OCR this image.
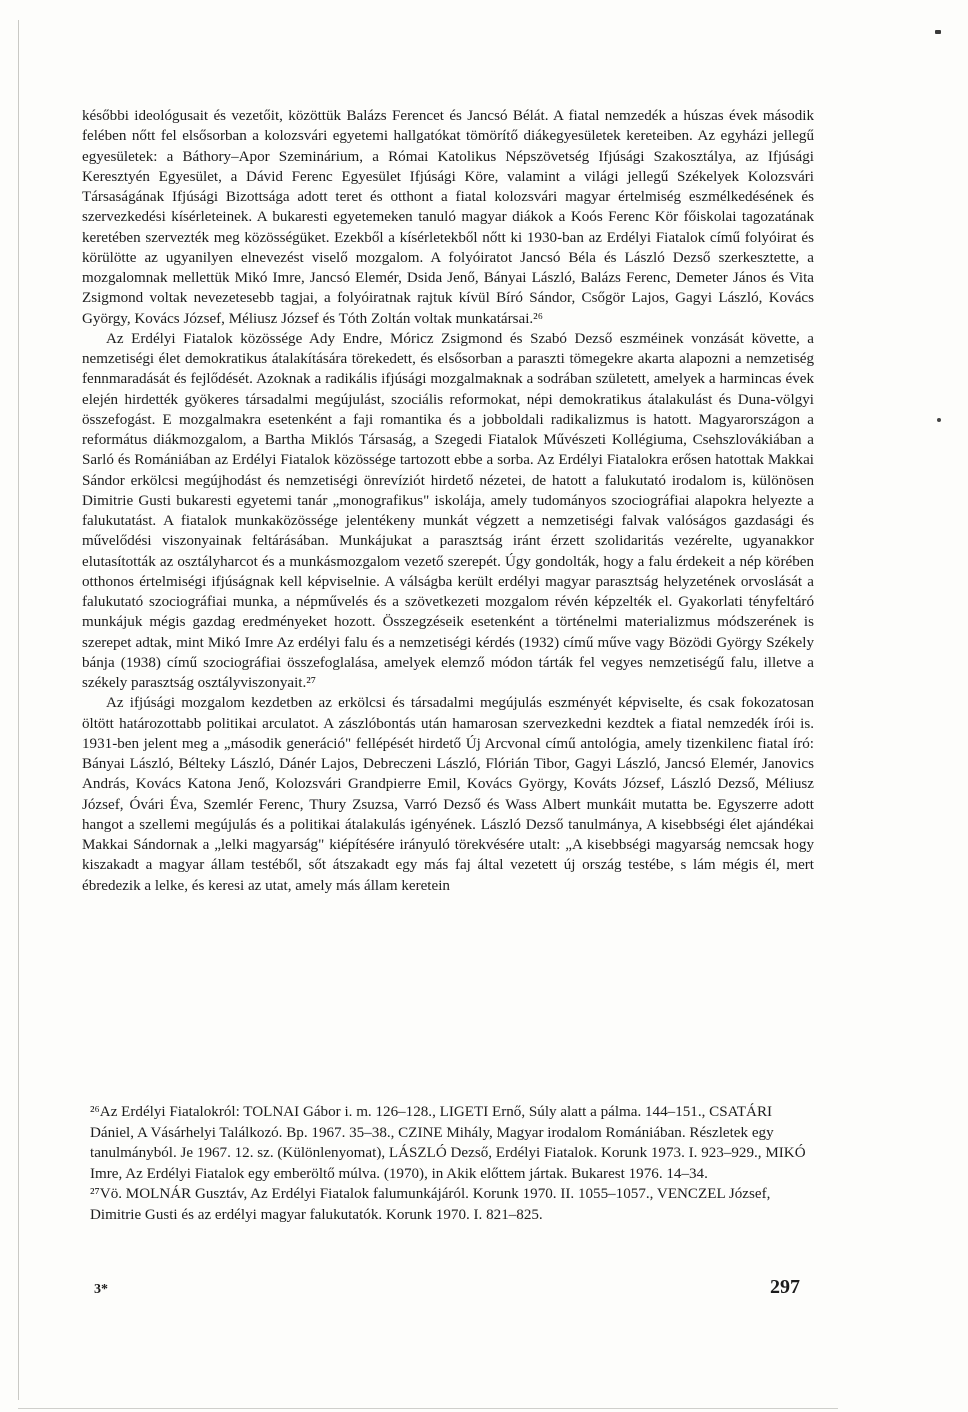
későbbi ideológusait és vezetőit, közöttük Balázs Ferencet és Jancsó Bélát. A fiatal nemzedék a húszas évek második felében nőtt fel elsősorban a kolozsvári egyetemi hallgatókat tömörítő diákegyesületek kereteiben. Az egyházi jellegű egyesületek: a Báthory–Apor Szeminárium, a Római Katolikus Népszövetség Ifjúsági Szakosztálya, az Ifjúsági Keresztyén Egyesület, a Dávid Ferenc Egyesület Ifjúsági Köre, valamint a világi jellegű Székelyek Kolozsvári Társaságának Ifjúsági Bizottsága adott teret és otthont a fiatal kolozsvári magyar értelmiség eszmélkedésének és szervezkedési kísérleteinek. A bukaresti egyetemeken tanuló magyar diákok a Koós Ferenc Kör főiskolai tagozatának keretében szervezték meg közösségüket. Ezekből a kísérletekből nőtt ki 1930-ban az Erdélyi Fiatalok című folyóirat és körülötte az ugyanilyen elnevezést viselő mozgalom. A folyóiratot Jancsó Béla és László Dezső szerkesztette, a mozgalomnak mellettük Mikó Imre, Jancsó Elemér, Dsida Jenő, Bányai László, Balázs Ferenc, Demeter János és Vita Zsigmond voltak nevezetesebb tagjai, a folyóiratnak rajtuk kívül Bíró Sándor, Csőgör Lajos, Gagyi László, Kovács György, Kovács József, Méliusz József és Tóth Zoltán voltak munkatársai.²⁶

Az Erdélyi Fiatalok közössége Ady Endre, Móricz Zsigmond és Szabó Dezső eszméinek vonzását követte, a nemzetiségi élet demokratikus átalakítására törekedett, és elsősorban a paraszti tömegekre akarta alapozni a nemzetiség fennmaradását és fejlődését. Azoknak a radikális ifjúsági mozgalmaknak a sodrában született, amelyek a harmincas évek elején hirdették gyökeres társadalmi megújulást, szociális reformokat, népi demokratikus átalakulást és Duna-völgyi összefogást. E mozgalmakra esetenként a faji romantika és a jobboldali radikalizmus is hatott. Magyarországon a református diákmozgalom, a Bartha Miklós Társaság, a Szegedi Fiatalok Művészeti Kollégiuma, Csehszlovákiában a Sarló és Romániában az Erdélyi Fiatalok közössége tartozott ebbe a sorba. Az Erdélyi Fiatalokra erősen hatottak Makkai Sándor erkölcsi megújhodást és nemzetiségi önrevíziót hirdető nézetei, de hatott a falukutató irodalom is, különösen Dimitrie Gusti bukaresti egyetemi tanár „monografikus" iskolája, amely tudományos szociográfiai alapokra helyezte a falukutatást. A fiatalok munkaközössége jelentékeny munkát végzett a nemzetiségi falvak valóságos gazdasági és művelődési viszonyainak feltárásában. Munkájukat a parasztság iránt érzett szolidaritás vezérelte, ugyanakkor elutasították az osztályharcot és a munkásmozgalom vezető szerepét. Úgy gondolták, hogy a falu érdekeit a nép körében otthonos értelmiségi ifjúságnak kell képviselnie. A válságba került erdélyi magyar parasztság helyzetének orvoslását a falukutató szociográfiai munka, a népművelés és a szövetkezeti mozgalom révén képzelték el. Gyakorlati tényfeltáró munkájuk mégis gazdag eredményeket hozott. Összegzéseik esetenként a történelmi materializmus módszerének is szerepet adtak, mint Mikó Imre Az erdélyi falu és a nemzetiségi kérdés (1932) című műve vagy Bözödi György Székely bánja (1938) című szociográfiai összefoglalása, amelyek elemző módon tárták fel vegyes nemzetiségű falu, illetve a székely parasztság osztályviszonyait.²⁷

Az ifjúsági mozgalom kezdetben az erkölcsi és társadalmi megújulás eszményét képviselte, és csak fokozatosan öltött határozottabb politikai arculatot. A zászlóbontás után hamarosan szervezkedni kezdtek a fiatal nemzedék írói is. 1931-ben jelent meg a „második generáció" fellépését hirdető Új Arcvonal című antológia, amely tizenkilenc fiatal író: Bányai László, Bélteky László, Dánér Lajos, Debreczeni László, Flórián Tibor, Gagyi László, Jancsó Elemér, Janovics András, Kovács Katona Jenő, Kolozsvári Grandpierre Emil, Kovács György, Kováts József, László Dezső, Méliusz József, Óvári Éva, Szemlér Ferenc, Thury Zsuzsa, Varró Dezső és Wass Albert munkáit mutatta be. Egyszerre adott hangot a szellemi megújulás és a politikai átalakulás igényének. László Dezső tanulmánya, A kisebbségi élet ajándékai Makkai Sándornak a „lelki magyarság" kiépítésére irányuló törekvésére utalt: „A kisebbségi magyarság nemcsak hogy kiszakadt a magyar állam testéből, sőt átszakadt egy más faj által vezetett új ország testébe, s lám mégis él, mert ébredezik a lelke, és keresi az utat, amely más állam keretein

²⁶Az Erdélyi Fiatalokról: TOLNAI Gábor i. m. 126–128., LIGETI Ernő, Súly alatt a pálma. 144–151., CSATÁRI Dániel, A Vásárhelyi Találkozó. Bp. 1967. 35–38., CZINE Mihály, Magyar irodalom Romániában. Részletek egy tanulmányból. Je 1967. 12. sz. (Különlenyomat), LÁSZLÓ Dezső, Erdélyi Fiatalok. Korunk 1973. I. 923–929., MIKÓ Imre, Az Erdélyi Fiatalok egy emberöltő múlva. (1970), in Akik előttem jártak. Bukarest 1976. 14–34.

²⁷Vö. MOLNÁR Gusztáv, Az Erdélyi Fiatalok falumunkájáról. Korunk 1970. II. 1055–1057., VENCZEL József, Dimitrie Gusti és az erdélyi magyar falukutatók. Korunk 1970. I. 821–825.

3*	297
